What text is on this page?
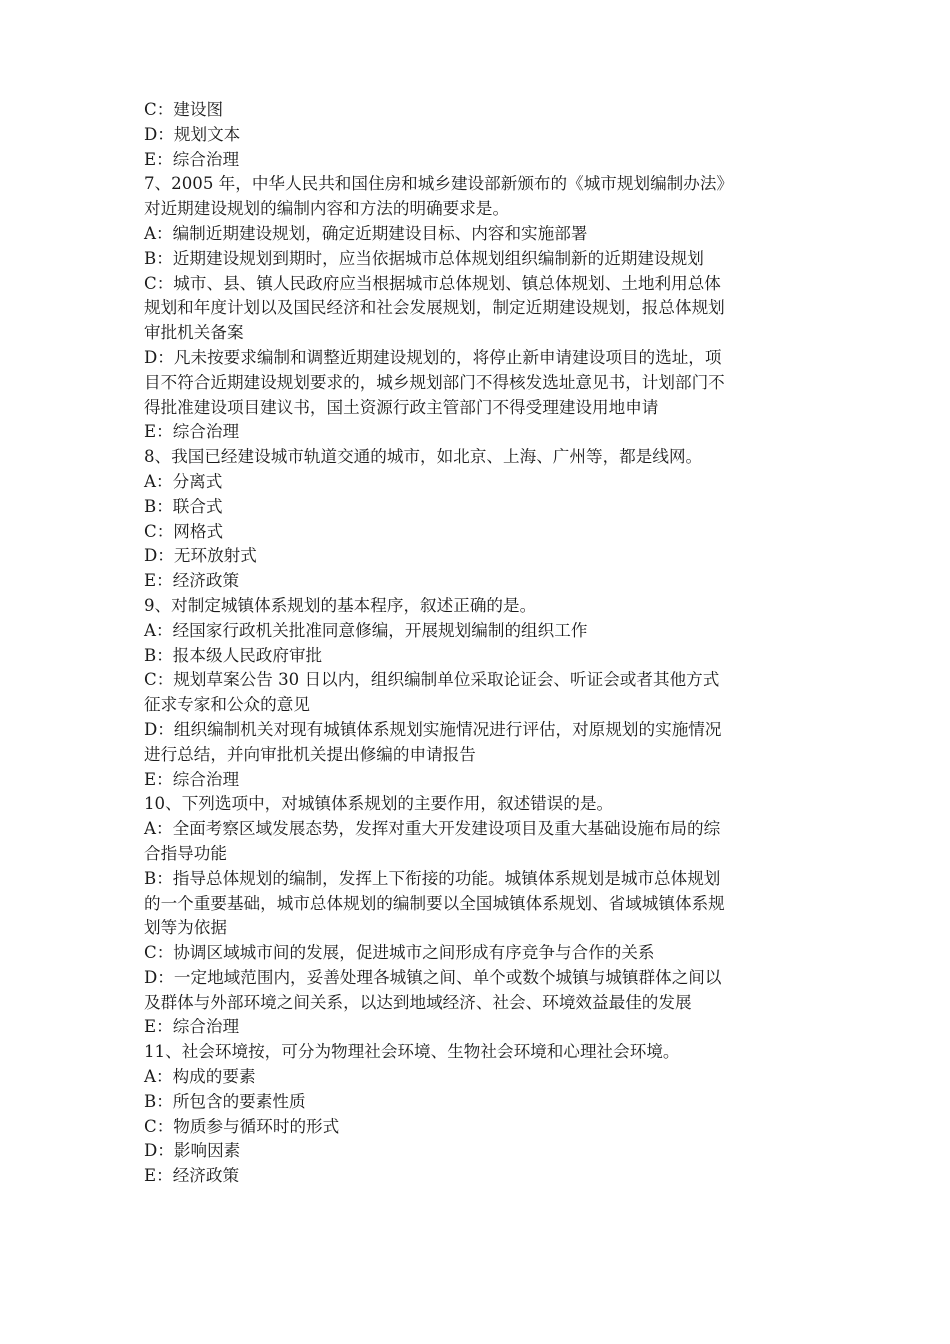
C：建设图

D：规划文本

E：综合治理

7、2005 年，中华人民共和国住房和城乡建设部新颁布的《城市规划编制办法》

对近期建设规划的编制内容和方法的明确要求是。

A：编制近期建设规划，确定近期建设目标、内容和实施部署

B：近期建设规划到期时，应当依据城市总体规划组织编制新的近期建设规划

C：城市、县、镇人民政府应当根据城市总体规划、镇总体规划、土地利用总体

规划和年度计划以及国民经济和社会发展规划，制定近期建设规划，报总体规划

审批机关备案

D：凡未按要求编制和调整近期建设规划的，将停止新申请建设项目的选址，项

目不符合近期建设规划要求的，城乡规划部门不得核发选址意见书，计划部门不

得批准建设项目建议书，国土资源行政主管部门不得受理建设用地申请

E：综合治理

8、我国已经建设城市轨道交通的城市，如北京、上海、广州等，都是线网。

A：分离式

B：联合式

C：网格式

D：无环放射式

E：经济政策

9、对制定城镇体系规划的基本程序，叙述正确的是。

A：经国家行政机关批准同意修编，开展规划编制的组织工作

B：报本级人民政府审批

C：规划草案公告 30 日以内，组织编制单位采取论证会、听证会或者其他方式

征求专家和公众的意见

D：组织编制机关对现有城镇体系规划实施情况进行评估，对原规划的实施情况

进行总结，并向审批机关提出修编的申请报告

E：综合治理

10、下列选项中，对城镇体系规划的主要作用，叙述错误的是。

A：全面考察区域发展态势，发挥对重大开发建设项目及重大基础设施布局的综

合指导功能

B：指导总体规划的编制，发挥上下衔接的功能。城镇体系规划是城市总体规划

的一个重要基础，城市总体规划的编制要以全国城镇体系规划、省域城镇体系规

划等为依据

C：协调区域城市间的发展，促进城市之间形成有序竞争与合作的关系

D：一定地域范围内，妥善处理各城镇之间、单个或数个城镇与城镇群体之间以

及群体与外部环境之间关系，以达到地域经济、社会、环境效益最佳的发展

E：综合治理

11、社会环境按，可分为物理社会环境、生物社会环境和心理社会环境。

A：构成的要素

B：所包含的要素性质

C：物质参与循环时的形式

D：影响因素

E：经济政策
